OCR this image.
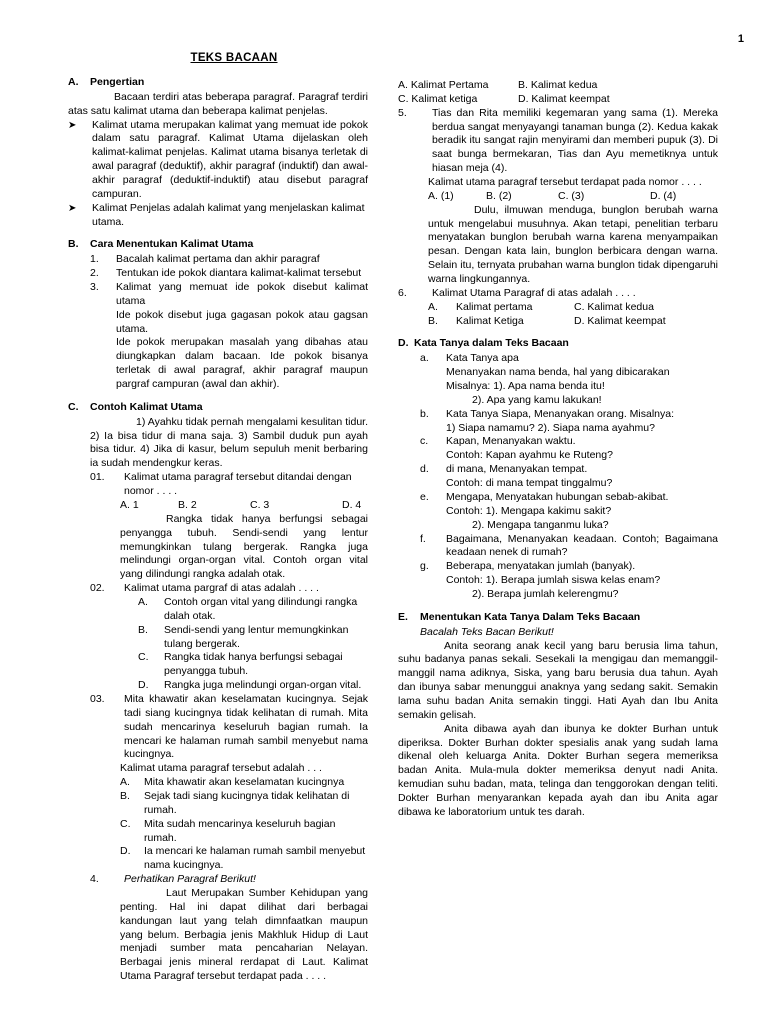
1
TEKS BACAAN
A.	Pengertian

Bacaan terdiri atas beberapa paragraf. Paragraf terdiri atas satu kalimat utama dan beberapa kalimat penjelas.

➤	Kalimat utama merupakan kalimat yang memuat ide pokok dalam satu paragraf. Kalimat Utama dijelaskan oleh kalimat-kalimat penjelas. Kalimat utama bisanya terletak di awal paragraf (deduktif), akhir paragraf (induktif) dan awal-akhir paragraf (deduktif-induktif) atau disebut paragraf campuran.
➤	Kalimat Penjelas adalah kalimat yang menjelaskan kalimat utama.
B.	Cara Menentukan Kalimat Utama
1.	Bacalah kalimat pertama dan akhir paragraf
2.	Tentukan ide pokok diantara kalimat-kalimat tersebut
3.	Kalimat yang memuat ide pokok disebut kalimat utama
Ide pokok disebut juga gagasan pokok atau gagsan utama.
Ide pokok merupakan masalah yang dibahas atau diungkapkan dalam bacaan. Ide pokok bisanya terletak di awal paragraf, akhir paragraf maupun pargraf campuran (awal dan akhir).
C.	Contoh Kalimat Utama

1) Ayahku tidak pernah mengalami kesulitan tidur. 2) Ia bisa tidur di mana saja. 3) Sambil duduk pun ayah bisa tidur. 4) Jika di kasur, belum sepuluh menit berbaring ia sudah mendengkur keras.

01.	Kalimat utama paragraf tersebut ditandai dengan nomor . . . .
A. 1	B. 2	C. 3	D. 4

Rangka tidak hanya berfungsi sebagai penyangga tubuh. Sendi-sendi yang lentur memungkinkan tulang bergerak. Rangka juga melindungi organ-organ vital. Contoh organ vital yang dilindungi rangka adalah otak.

02.	Kalimat utama pargraf di atas adalah . . . .
A.	Contoh organ vital yang dilindungi rangka dalah otak.
B.	Sendi-sendi yang lentur memungkinkan tulang bergerak.
C.	Rangka tidak hanya berfungsi sebagai penyangga tubuh.
D.	Rangka juga melindungi organ-organ vital.
03.	Mita khawatir akan keselamatan kucingnya. Sejak tadi siang kucingnya tidak kelihatan di rumah. Mita sudah mencarinya keseluruh bagian rumah. Ia mencari ke halaman rumah sambil menyebut nama kucingnya.

Kalimat utama paragraf tersebut adalah . . .

A.	Mita khawatir akan keselamatan kucingnya
B.	Sejak tadi siang kucingnya tidak kelihatan di rumah.
C.	Mita sudah mencarinya keseluruh bagian rumah.
D.	Ia mencari ke halaman rumah sambil menyebut nama kucingnya.
4.	Perhatikan Paragraf Berikut!

Laut Merupakan Sumber Kehidupan yang penting. Hal ini dapat dilihat dari berbagai kandungan laut yang telah dimnfaatkan maupun yang belum. Berbagia jenis Makhluk Hidup di Laut menjadi sumber mata pencaharian Nelayan. Berbagai jenis mineral rerdapat di Laut. Kalimat Utama Paragraf tersebut terdapat pada . . . .

A. Kalimat Pertama	B. Kalimat kedua
C. Kalimat ketiga	D. Kalimat keempat
5.	Tias dan Rita memiliki kegemaran yang sama (1). Mereka berdua sangat menyayangi tanaman bunga (2). Kedua kakak beradik itu sangat rajin menyirami dan memberi pupuk (3). Di saat bunga bermekaran, Tias dan Ayu memetiknya untuk hiasan meja (4).

Kalimat utama paragraf tersebut terdapat pada nomor . . . .

A. (1)	B. (2)	C. (3)	D. (4)

Dulu, ilmuwan menduga, bunglon berubah warna untuk mengelabui musuhnya. Akan tetapi, penelitian terbaru menyatakan bunglon berubah warna karena menyampaikan pesan. Dengan kata lain, bunglon berbicara dengan warna. Selain itu, ternyata prubahan warna bunglon tidak dipengaruhi warna lingkungannya.

6.	Kalimat Utama Paragraf di atas adalah . . . .
A.	Kalimat pertama	C. Kalimat kedua
B.	Kalimat Ketiga	D. Kalimat keempat
D. Kata Tanya dalam Teks Bacaan
a.	Kata Tanya apa
Menanyakan nama benda, hal yang dibicarakan
Misalnya: 1). Apa nama benda itu!
2). Apa yang kamu lakukan!
b.	Kata Tanya Siapa, Menanyakan orang. Misalnya:
1) Siapa namamu? 2). Siapa nama ayahmu?
c.	Kapan, Menanyakan waktu.
Contoh: Kapan ayahmu ke Ruteng?
d.	di mana, Menanyakan tempat.
Contoh: di mana tempat tinggalmu?
e.	Mengapa, Menyatakan hubungan sebab-akibat.
Contoh: 1). Mengapa kakimu sakit?
2). Mengapa tanganmu luka?
f.	Bagaimana, Menanyakan keadaan. Contoh; Bagaimana keadaan nenek di rumah?
g.	Beberapa, menyatakan jumlah (banyak).
Contoh: 1). Berapa jumlah siswa kelas enam?
2). Berapa jumlah kelerengmu?
E.	Menentukan Kata Tanya Dalam Teks Bacaan

Bacalah Teks Bacan Berikut!

Anita seorang anak kecil yang baru berusia lima tahun, suhu badanya panas sekali. Sesekali Ia mengigau dan memanggil-manggil nama adiknya, Siska, yang baru berusia dua tahun. Ayah dan ibunya sabar menunggui anaknya yang sedang sakit. Semakin lama suhu badan Anita semakin tinggi. Hati Ayah dan Ibu Anita semakin gelisah.

Anita dibawa ayah dan ibunya ke dokter Burhan untuk diperiksa. Dokter Burhan dokter spesialis anak yang sudah lama dikenal oleh keluarga Anita. Dokter Burhan segera memeriksa badan Anita. Mula-mula dokter memeriksa denyut nadi Anita. kemudian suhu badan, mata, telinga dan tenggorokan dengan teliti. Dokter Burhan menyarankan kepada ayah dan ibu Anita agar dibawa ke laboratorium untuk tes darah.
